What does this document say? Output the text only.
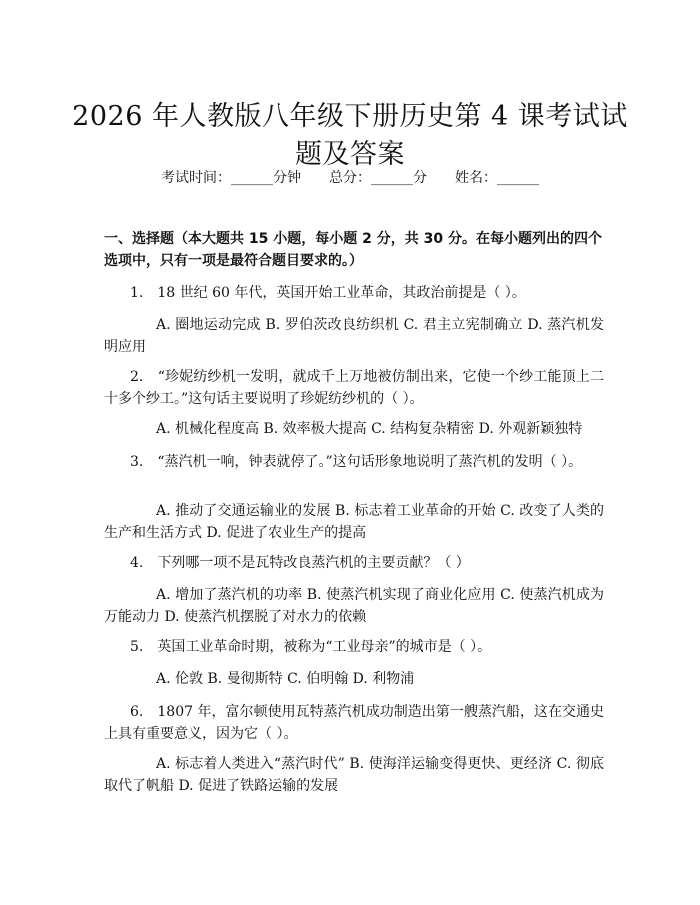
2026 年人教版八年级下册历史第 4 课考试试题及答案
考试时间：______分钟　　总分：______分　　姓名：______
一、选择题（本大题共 15 小题，每小题 2 分，共 30 分。在每小题列出的四个选项中，只有一项是最符合题目要求的。）
1.　18 世纪 60 年代，英国开始工业革命，其政治前提是（ ）。
A. 圈地运动完成 B. 罗伯茨改良纺织机 C. 君主立宪制确立 D. 蒸汽机发明应用
2.　“珍妮纺纱机一发明，就成千上万地被仿制出来，它使一个纱工能顶上二十多个纱工。”这句话主要说明了珍妮纺纱机的（ ）。
A. 机械化程度高 B. 效率极大提高 C. 结构复杂精密 D. 外观新颖独特
3.　“蒸汽机一响，钟表就停了。”这句话形象地说明了蒸汽机的发明（ ）。
A. 推动了交通运输业的发展 B. 标志着工业革命的开始 C. 改变了人类的生产和生活方式 D. 促进了农业生产的提高
4.　下列哪一项不是瓦特改良蒸汽机的主要贡献？（ ）
A. 增加了蒸汽机的功率 B. 使蒸汽机实现了商业化应用 C. 使蒸汽机成为万能动力 D. 使蒸汽机摆脱了对水力的依赖
5.　英国工业革命时期，被称为“工业母亲”的城市是（ ）。
A. 伦敦 B. 曼彻斯特 C. 伯明翰 D. 利物浦
6.　1807 年，富尔顿使用瓦特蒸汽机成功制造出第一艘蒸汽船，这在交通史上具有重要意义，因为它（ ）。
A. 标志着人类进入“蒸汽时代” B. 使海洋运输变得更快、更经济 C. 彻底取代了帆船 D. 促进了铁路运输的发展
